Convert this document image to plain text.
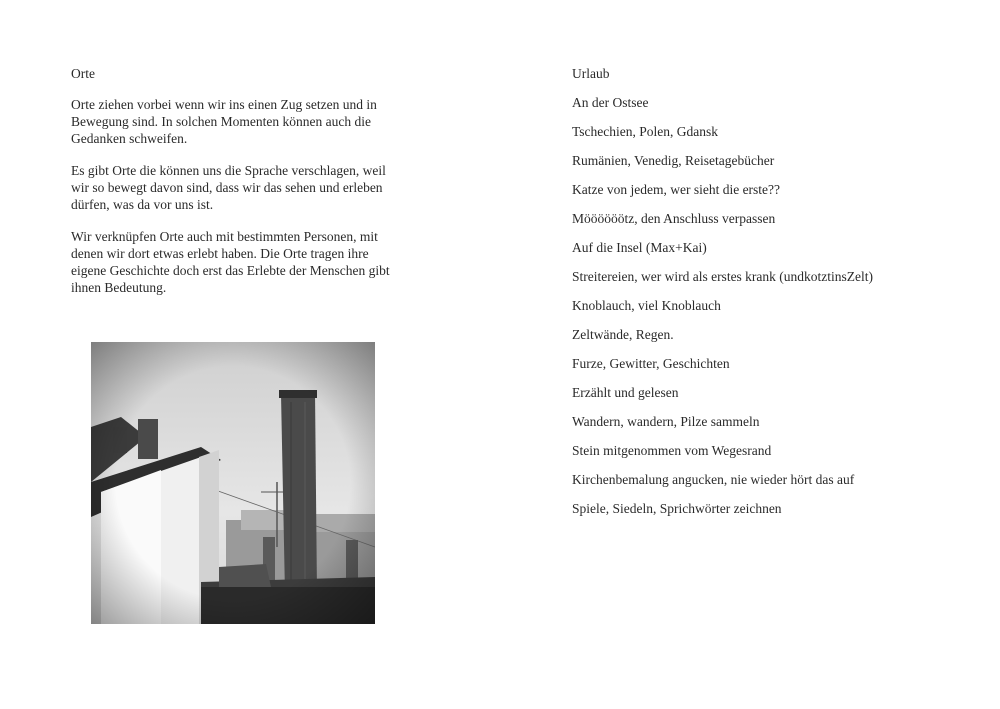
Orte

Orte ziehen vorbei wenn wir ins einen Zug setzen und in Bewegung sind. In solchen Momenten können auch die Gedanken schweifen.

Es gibt Orte die können uns die Sprache verschlagen, weil wir so bewegt davon sind, dass wir das sehen und erleben dürfen, was da vor uns ist.

Wir verknüpfen Orte auch mit bestimmten Personen, mit denen wir dort etwas erlebt haben. Die Orte tragen ihre eigene Geschichte doch erst das Erlebte der Menschen gibt ihnen Bedeutung.

Urlaub
An der Ostsee
Tschechien, Polen, Gdansk
Rumänien, Venedig, Reisetagebücher
Katze von jedem, wer sieht die erste??
Möööööötz, den Anschluss verpassen
Auf die Insel (Max+Kai)
Streitereien, wer wird als erstes krank (undkotztinsZelt)
Knoblauch, viel Knoblauch
Zeltwände, Regen.
Furze, Gewitter, Geschichten
Erzählt und gelesen
Wandern, wandern, Pilze sammeln
Stein mitgenommen vom Wegesrand
Kirchenbemalung angucken, nie wieder hört das auf
Spiele, Siedeln, Sprichwörter zeichnen
